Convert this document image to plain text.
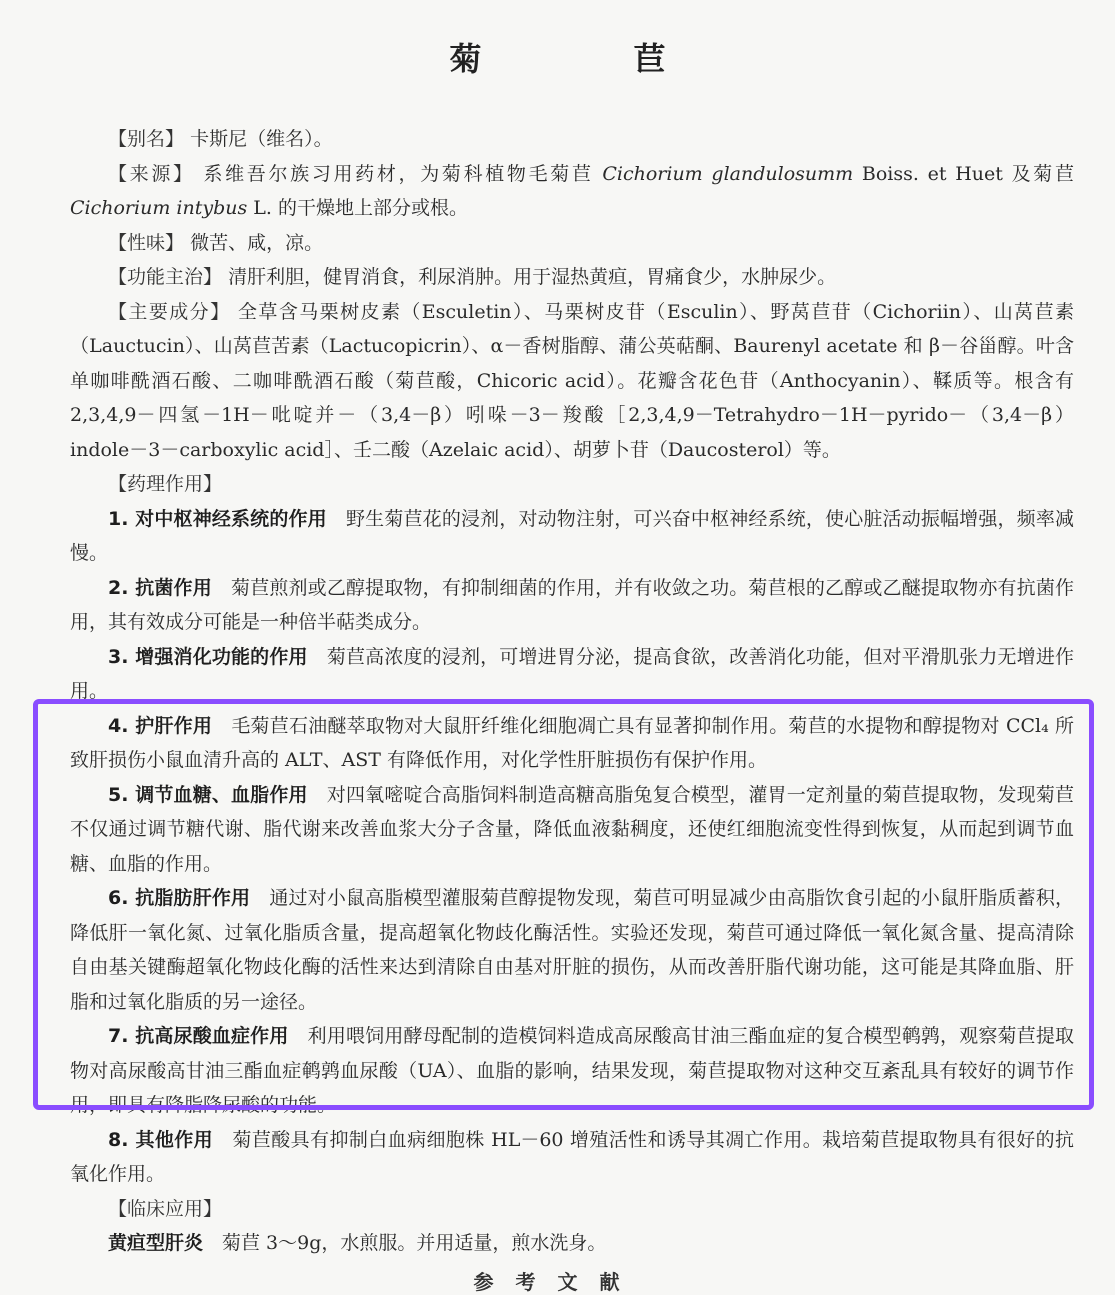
菊　苣

【别名】 卡斯尼（维名）。

【来源】 系维吾尔族习用药材，为菊科植物毛菊苣 Cichorium glandulosumm Boiss. et Huet 及菊苣 Cichorium intybus L. 的干燥地上部分或根。

【性味】 微苦、咸，凉。

【功能主治】 清肝利胆，健胃消食，利尿消肿。用于湿热黄疸，胃痛食少，水肿尿少。

【主要成分】 全草含马栗树皮素（Esculetin）、马栗树皮苷（Esculin）、野莴苣苷（Cichoriin）、山莴苣素（Lauctucin）、山莴苣苦素（Lactucopicrin）、α－香树脂醇、蒲公英萜酮、Baurenyl acetate 和 β－谷甾醇。叶含单咖啡酰酒石酸、二咖啡酰酒石酸（菊苣酸，Chicoric acid）。花瓣含花色苷（Anthocyanin）、鞣质等。根含有 2,3,4,9－四氢－1H－吡啶并－（3,4－β）吲哚－3－羧酸［2,3,4,9－Tetrahydro－1H－pyrido－（3,4－β）indole－3－carboxylic acid］、壬二酸（Azelaic acid）、胡萝卜苷（Daucosterol）等。

【药理作用】

1. 对中枢神经系统的作用 野生菊苣花的浸剂，对动物注射，可兴奋中枢神经系统，使心脏活动振幅增强，频率减慢。

2. 抗菌作用 菊苣煎剂或乙醇提取物，有抑制细菌的作用，并有收敛之功。菊苣根的乙醇或乙醚提取物亦有抗菌作用，其有效成分可能是一种倍半萜类成分。

3. 增强消化功能的作用 菊苣高浓度的浸剂，可增进胃分泌，提高食欲，改善消化功能，但对平滑肌张力无增进作用。

4. 护肝作用 毛菊苣石油醚萃取物对大鼠肝纤维化细胞凋亡具有显著抑制作用。菊苣的水提物和醇提物对 CCl₄ 所致肝损伤小鼠血清升高的 ALT、AST 有降低作用，对化学性肝脏损伤有保护作用。

5. 调节血糖、血脂作用 对四氧嘧啶合高脂饲料制造高糖高脂兔复合模型，灌胃一定剂量的菊苣提取物，发现菊苣不仅通过调节糖代谢、脂代谢来改善血浆大分子含量，降低血液黏稠度，还使红细胞流变性得到恢复，从而起到调节血糖、血脂的作用。

6. 抗脂肪肝作用 通过对小鼠高脂模型灌服菊苣醇提物发现，菊苣可明显减少由高脂饮食引起的小鼠肝脂质蓄积，降低肝一氧化氮、过氧化脂质含量，提高超氧化物歧化酶活性。实验还发现，菊苣可通过降低一氧化氮含量、提高清除自由基关键酶超氧化物歧化酶的活性来达到清除自由基对肝脏的损伤，从而改善肝脂代谢功能，这可能是其降血脂、肝脂和过氧化脂质的另一途径。

7. 抗高尿酸血症作用 利用喂饲用酵母配制的造模饲料造成高尿酸高甘油三酯血症的复合模型鹌鹑，观察菊苣提取物对高尿酸高甘油三酯血症鹌鹑血尿酸（UA）、血脂的影响，结果发现，菊苣提取物对这种交互紊乱具有较好的调节作用，即具有降脂降尿酸的功能。

8. 其他作用 菊苣酸具有抑制白血病细胞株 HL－60 增殖活性和诱导其凋亡作用。栽培菊苣提取物具有很好的抗氧化作用。

【临床应用】

黄疸型肝炎 菊苣 3～9g，水煎服。并用适量，煎水洗身。

参考文献
